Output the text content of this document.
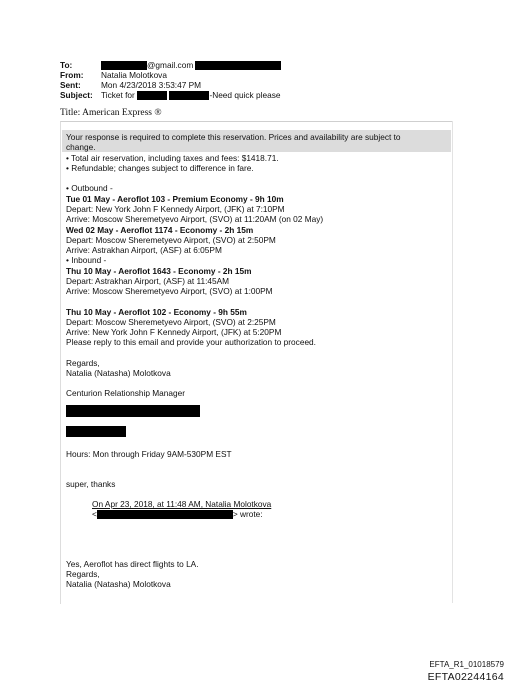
To:	@gmail.com
From: Natalia Molotkova
Sent: Mon 4/23/2018 3:53:47 PM
Subject: Ticket for	-Need quick please
Title: American Express ®
Your response is required to complete this reservation. Prices and availability are subject to
change.
• Total air reservation, including taxes and fees: $1418.71.
• Refundable; changes subject to difference in fare.
• Outbound -
Tue 01 May - Aeroflot 103 - Premium Economy - 9h 10m
Depart: New York John F Kennedy Airport, (JFK) at 7:10PM
Arrive: Moscow Sheremetyevo Airport, (SVO) at 11:20AM (on 02 May)
Wed 02 May - Aeroflot 1174 - Economy - 2h 15m
Depart: Moscow Sheremetyevo Airport, (SVO) at 2:50PM
Arrive: Astrakhan Airport, (ASF) at 6:05PM
• Inbound -
Thu 10 May - Aeroflot 1643 - Economy - 2h 15m
Depart: Astrakhan Airport, (ASF) at 11:45AM
Arrive: Moscow Sheremetyevo Airport, (SVO) at 1:00PM
Thu 10 May - Aeroflot 102 - Economy - 9h 55m
Depart: Moscow Sheremetyevo Airport, (SVO) at 2:25PM
Arrive: New York John F Kennedy Airport, (JFK) at 5:20PM
Please reply to this email and provide your authorization to proceed.
Regards,
Natalia (Natasha) Molotkova
Centurion Relationship Manager
Hours: Mon through Friday 9AM-530PM EST
super, thanks
On Apr 23, 2018, at 11:48 AM, Natalia Molotkova
<	> wrote:
Yes, Aeroflot has direct flights to LA.
Regards,
Natalia (Natasha) Molotkova
EFTA_R1_01018579
EFTA02244164
